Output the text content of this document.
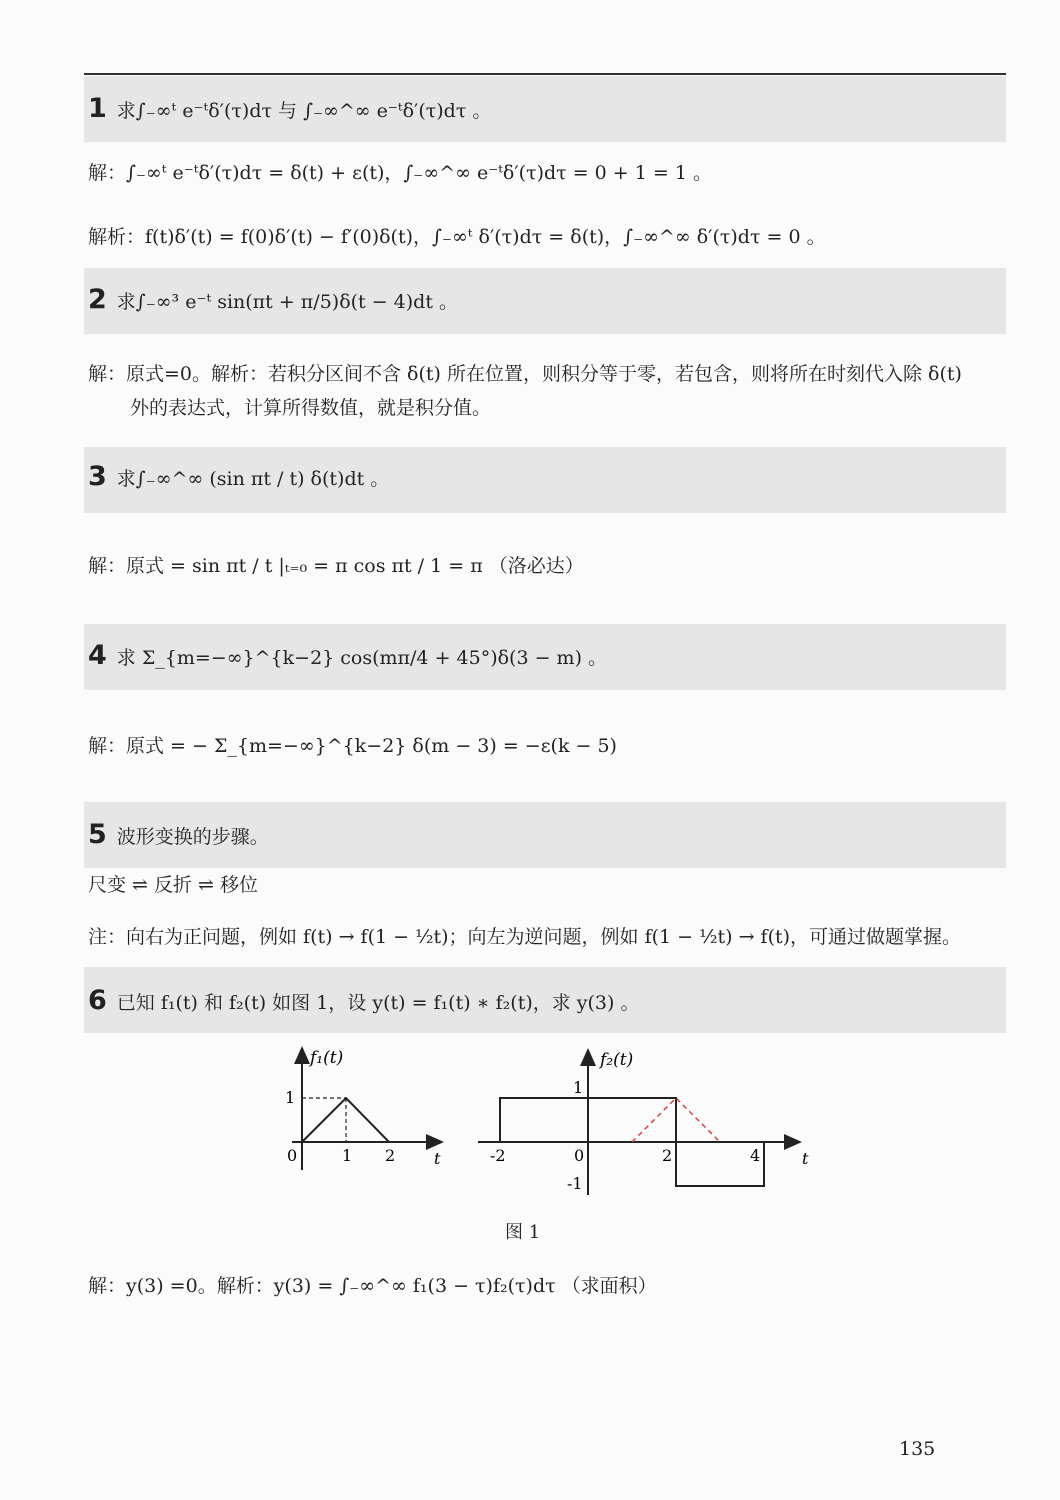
1 求∫₋∞ᵗ e⁻ᵗδ′(τ)dτ 与 ∫₋∞^∞ e⁻ᵗδ′(τ)dτ 。
解：∫₋∞ᵗ e⁻ᵗδ′(τ)dτ = δ(t) + ε(t)，∫₋∞^∞ e⁻ᵗδ′(τ)dτ = 0 + 1 = 1 。
解析：f(t)δ′(t) = f(0)δ′(t) − f′(0)δ(t)，∫₋∞ᵗ δ′(τ)dτ = δ(t)，∫₋∞^∞ δ′(τ)dτ = 0 。
2 求∫₋∞³ e⁻ᵗ sin(πt + π/5)δ(t − 4)dt 。
解：原式=0。解析：若积分区间不含 δ(t) 所在位置，则积分等于零，若包含，则将所在时刻代入除 δ(t)
外的表达式，计算所得数值，就是积分值。
3 求∫₋∞^∞ (sin πt / t) δ(t)dt 。
解：原式 = sin πt / t |ₜ₌₀ = π cos πt / 1 = π （洛必达）
4 求 Σ_{m=−∞}^{k−2} cos(mπ/4 + 45°)δ(3 − m) 。
解：原式 = − Σ_{m=−∞}^{k−2} δ(m − 3) = −ε(k − 5)
5 波形变换的步骤。
尺变 ⇌ 反折 ⇌ 移位
注：向右为正问题，例如 f(t) → f(1 − ½t)；向左为逆问题，例如 f(1 − ½t) → f(t)，可通过做题掌握。
6 已知 f₁(t) 和 f₂(t) 如图 1，设 y(t) = f₁(t) ∗ f₂(t)，求 y(3) 。
f₁(t)
1
0	1 2 t
f₂(t)
1
-1
-2	0	2	4	t
图 1
解：y(3) =0。解析：y(3) = ∫₋∞^∞ f₁(3 − τ)f₂(τ)dτ （求面积）
135
